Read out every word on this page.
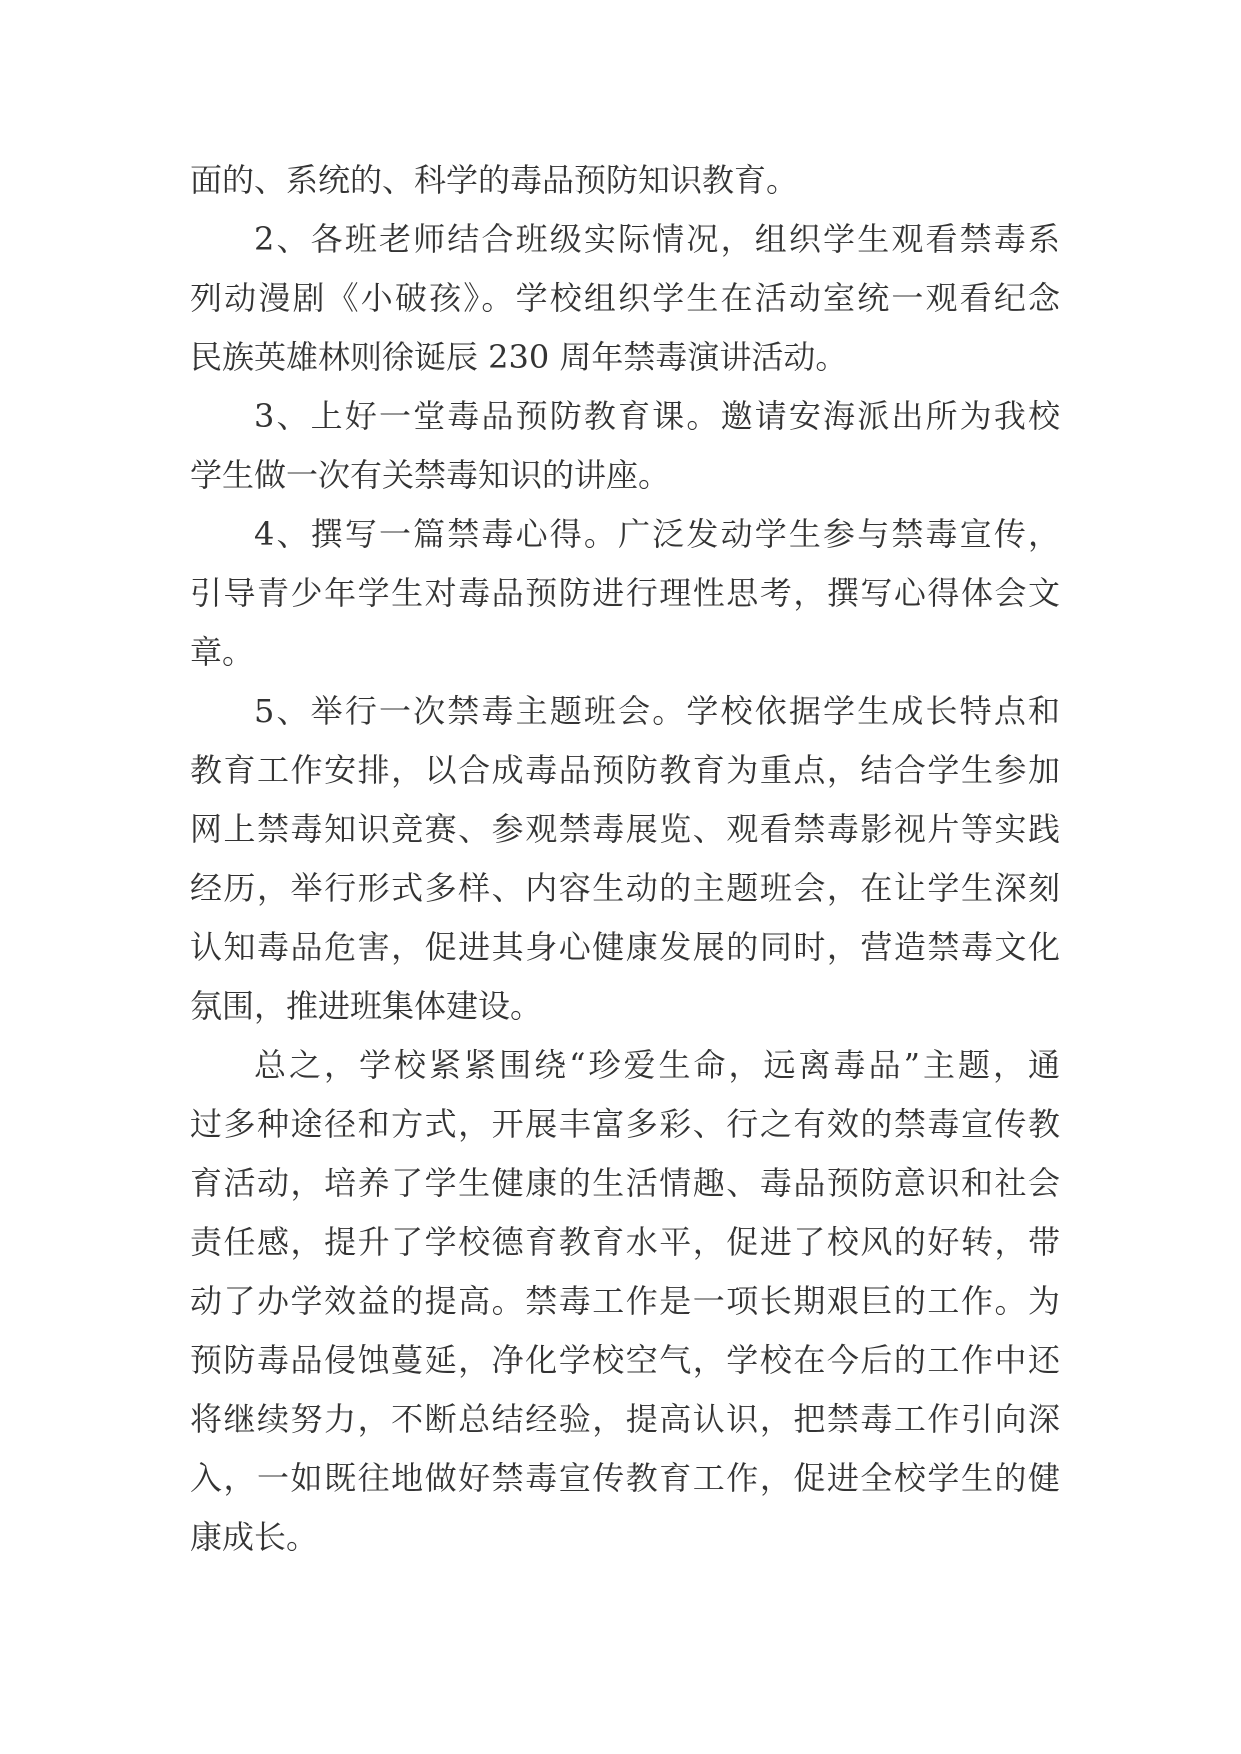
面的、系统的、科学的毒品预防知识教育。
2、各班老师结合班级实际情况，组织学生观看禁毒系
列动漫剧《小破孩》。学校组织学生在活动室统一观看纪念
民族英雄林则徐诞辰 230 周年禁毒演讲活动。
3、上好一堂毒品预防教育课。邀请安海派出所为我校
学生做一次有关禁毒知识的讲座。
4、撰写一篇禁毒心得。广泛发动学生参与禁毒宣传，
引导青少年学生对毒品预防进行理性思考，撰写心得体会文
章。
5、举行一次禁毒主题班会。学校依据学生成长特点和
教育工作安排，以合成毒品预防教育为重点，结合学生参加
网上禁毒知识竞赛、参观禁毒展览、观看禁毒影视片等实践
经历，举行形式多样、内容生动的主题班会，在让学生深刻
认知毒品危害，促进其身心健康发展的同时，营造禁毒文化
氛围，推进班集体建设。
总之，学校紧紧围绕“珍爱生命，远离毒品”主题，通
过多种途径和方式，开展丰富多彩、行之有效的禁毒宣传教
育活动，培养了学生健康的生活情趣、毒品预防意识和社会
责任感，提升了学校德育教育水平，促进了校风的好转，带
动了办学效益的提高。禁毒工作是一项长期艰巨的工作。为
预防毒品侵蚀蔓延，净化学校空气，学校在今后的工作中还
将继续努力，不断总结经验，提高认识，把禁毒工作引向深
入，一如既往地做好禁毒宣传教育工作，促进全校学生的健
康成长。
